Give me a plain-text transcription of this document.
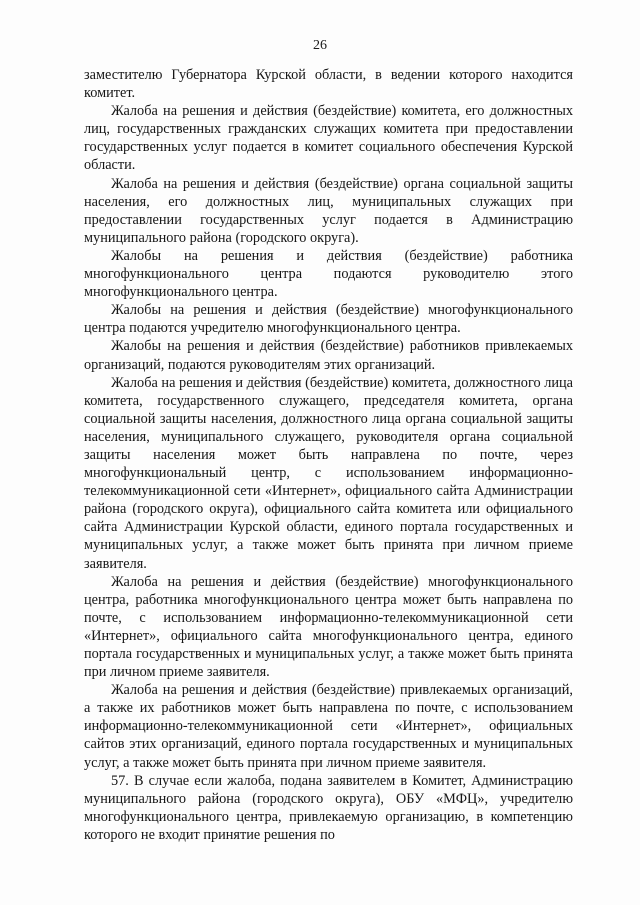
26

заместителю Губернатора Курской области, в ведении которого находится комитет.

Жалоба на решения и действия (бездействие) комитета, его должностных лиц, государственных гражданских служащих комитета при предоставлении государственных услуг подается в комитет социального обеспечения Курской области.

Жалоба на решения и действия (бездействие) органа социальной защиты населения, его должностных лиц, муниципальных служащих при предоставлении государственных услуг подается в Администрацию муниципального района (городского округа).

Жалобы на решения и действия (бездействие) работника многофункционального центра подаются руководителю этого многофункционального центра.

Жалобы на решения и действия (бездействие) многофункционального центра подаются учредителю многофункционального центра.

Жалобы на решения и действия (бездействие) работников привлекаемых организаций, подаются руководителям этих организаций.

Жалоба на решения и действия (бездействие) комитета, должностного лица комитета, государственного служащего, председателя комитета, органа социальной защиты населения, должностного лица органа социальной защиты населения, муниципального служащего, руководителя органа социальной защиты населения может быть направлена по почте, через многофункциональный центр, с использованием информационно-телекоммуникационной сети «Интернет», официального сайта Администрации района (городского округа), официального сайта комитета или официального сайта Администрации Курской области, единого портала государственных и муниципальных услуг, а также может быть принята при личном приеме заявителя.

Жалоба на решения и действия (бездействие) многофункционального центра, работника многофункционального центра может быть направлена по почте, с использованием информационно-телекоммуникационной сети «Интернет», официального сайта многофункционального центра, единого портала государственных и муниципальных услуг, а также может быть принята при личном приеме заявителя.

Жалоба на решения и действия (бездействие) привлекаемых организаций, а также их работников может быть направлена по почте, с использованием информационно-телекоммуникационной сети «Интернет», официальных сайтов этих организаций, единого портала государственных и муниципальных услуг, а также может быть принята при личном приеме заявителя.

57. В случае если жалоба, подана заявителем в Комитет, Администрацию муниципального района (городского округа), ОБУ «МФЦ», учредителю многофункционального центра, привлекаемую организацию, в компетенцию которого не входит принятие решения по
